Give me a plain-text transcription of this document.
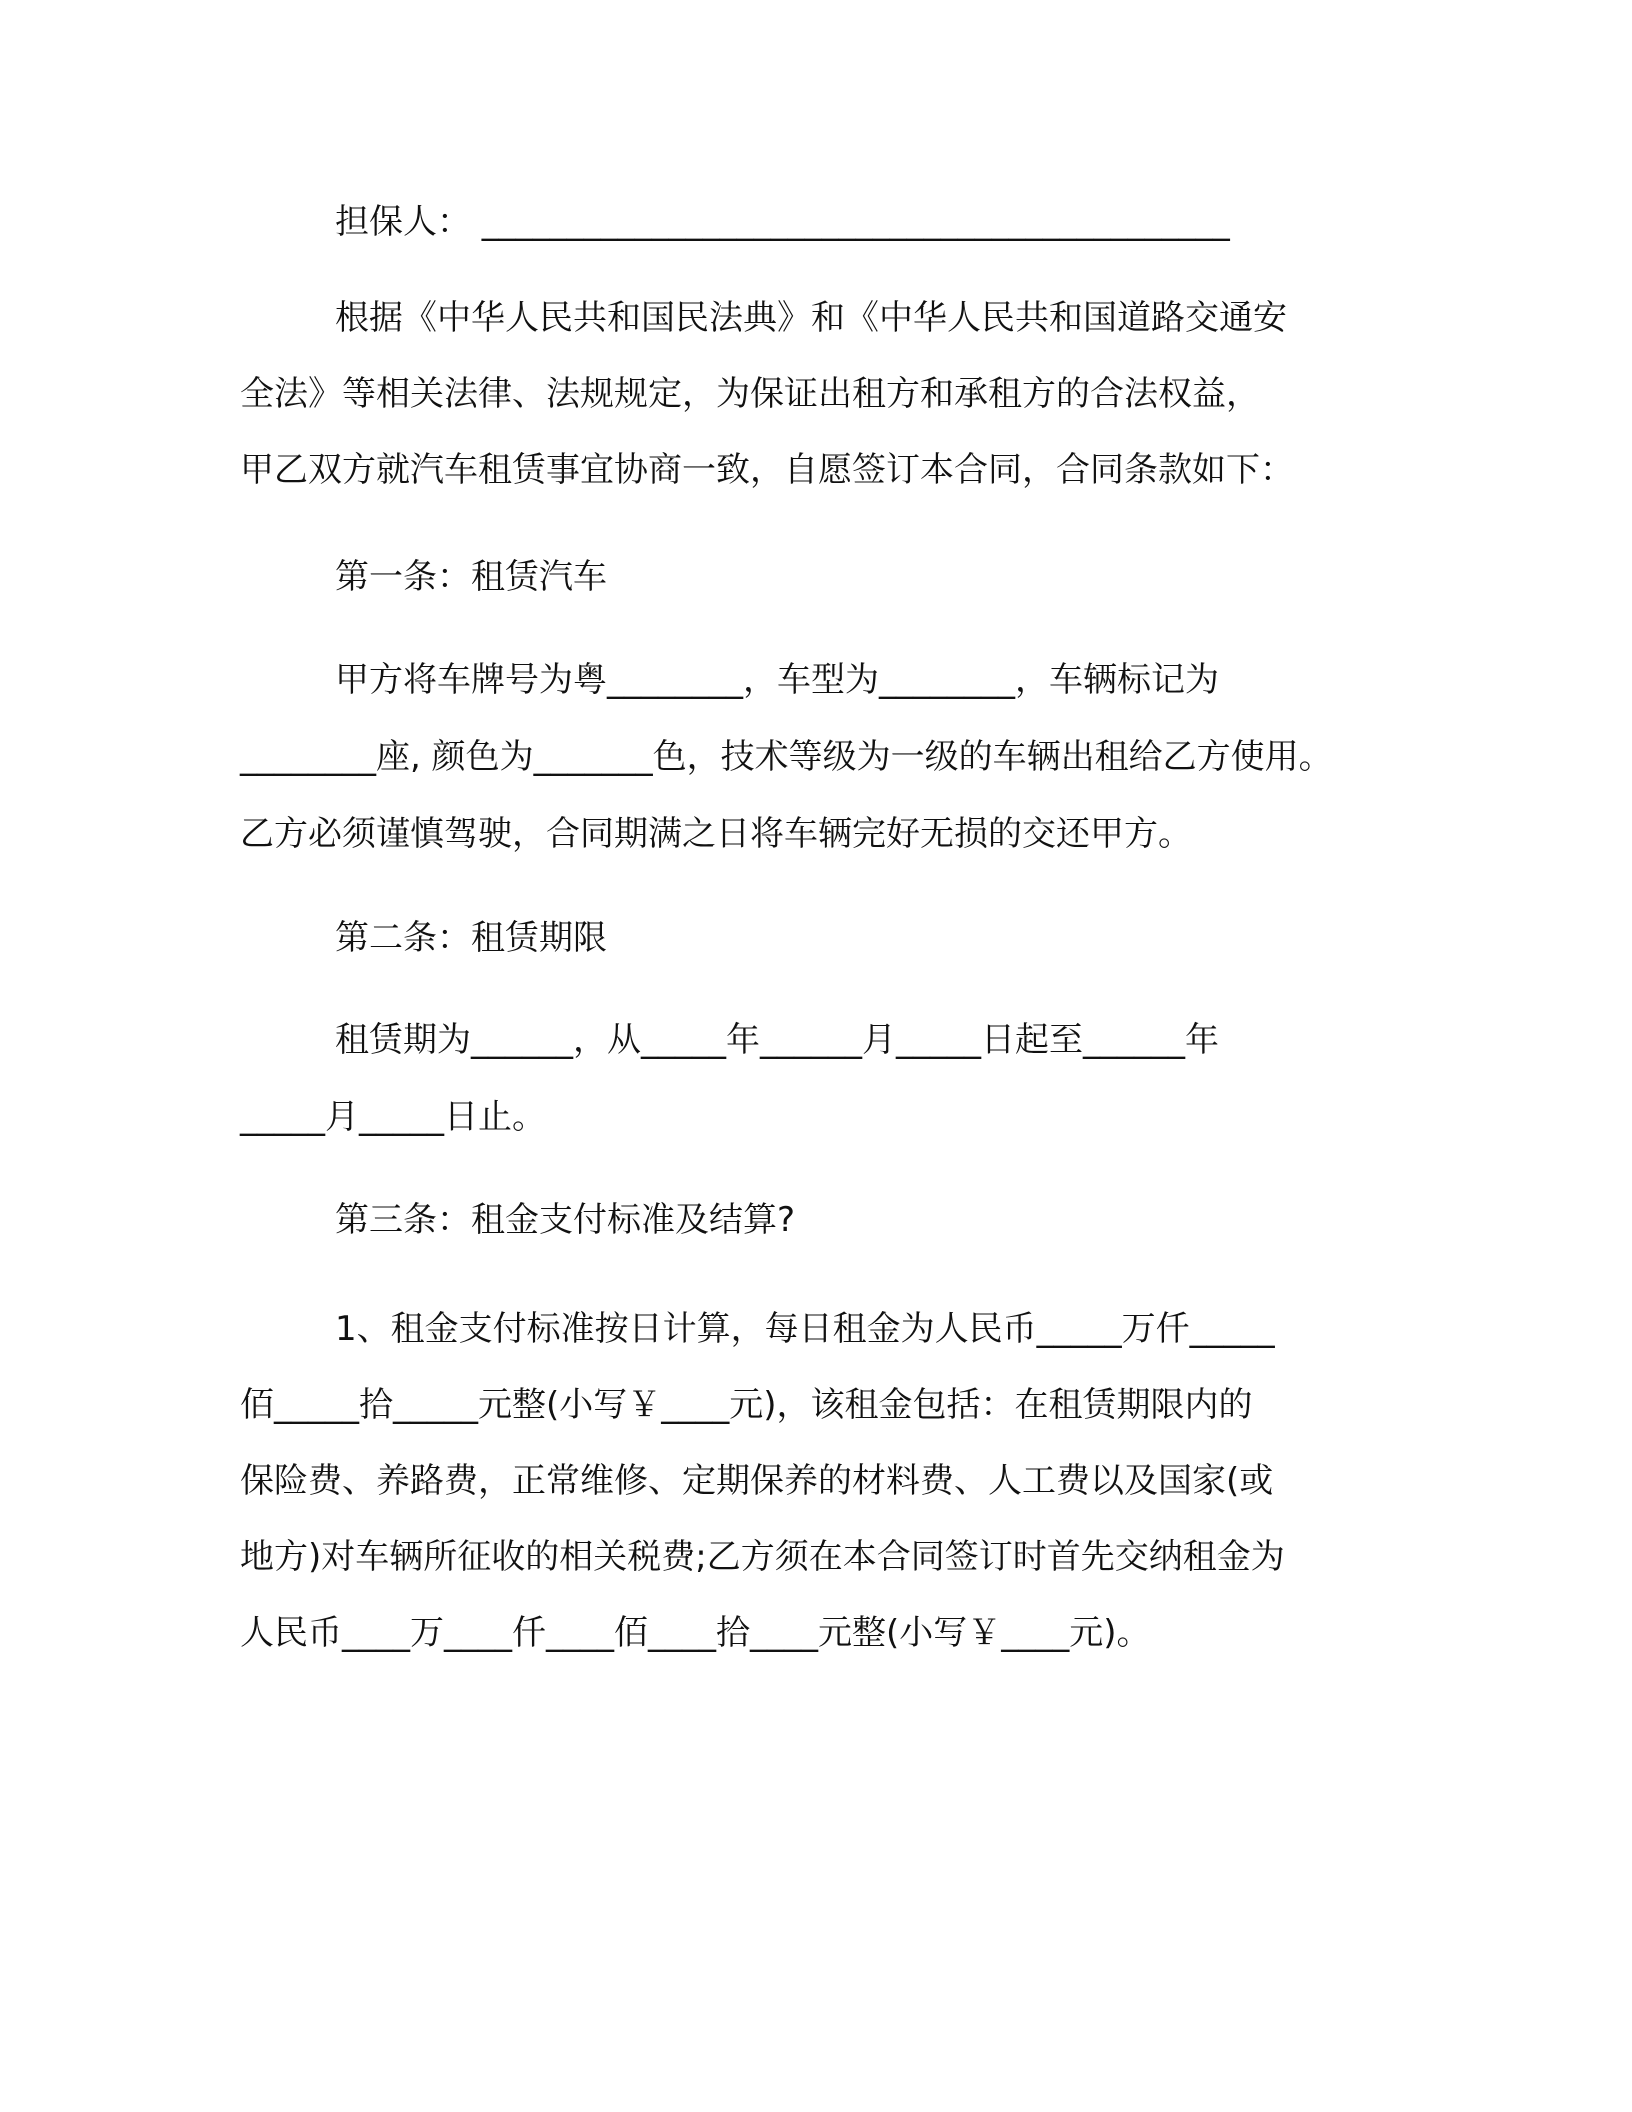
担保人： ____________________________________________
根据《中华人民共和国民法典》和《中华人民共和国道路交通安
全法》等相关法律、法规规定，为保证出租方和承租方的合法权益，
甲乙双方就汽车租赁事宜协商一致，自愿签订本合同，合同条款如下：
第一条：租赁汽车
甲方将车牌号为粤________，车型为________，车辆标记为
________座, 颜色为_______色，技术等级为一级的车辆出租给乙方使用。
乙方必须谨慎驾驶，合同期满之日将车辆完好无损的交还甲方。
第二条：租赁期限
租赁期为______，从_____年______月_____日起至______年
_____月_____日止。
第三条：租金支付标准及结算?
1、租金支付标准按日计算，每日租金为人民币_____万仟_____
佰_____拾_____元整(小写￥____元)，该租金包括：在租赁期限内的
保险费、养路费，正常维修、定期保养的材料费、人工费以及国家(或
地方)对车辆所征收的相关税费;乙方须在本合同签订时首先交纳租金为
人民币____万____仟____佰____拾____元整(小写￥____元)。
